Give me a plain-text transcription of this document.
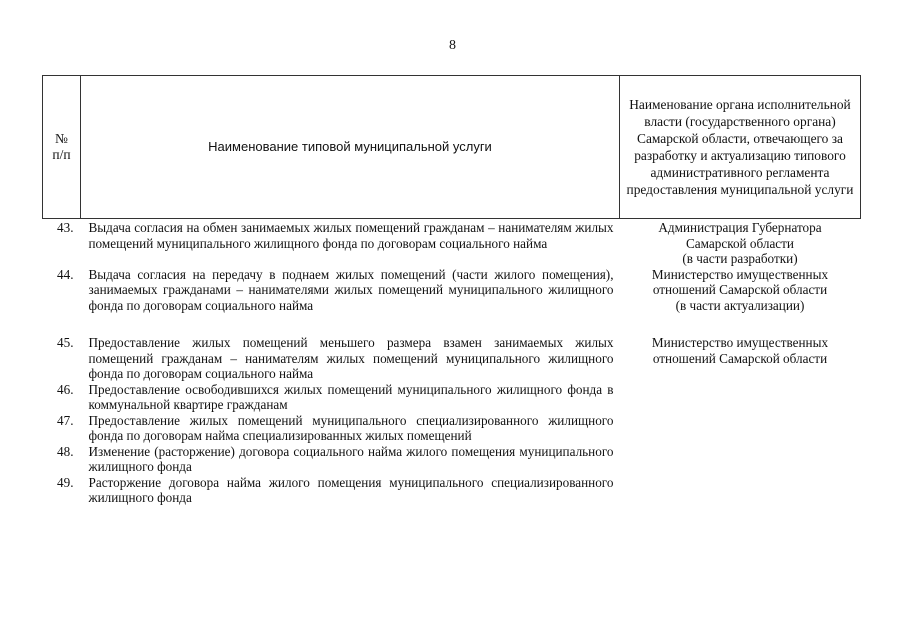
8
№
п/п	Наименование типовой муниципальной услуги	Наименование органа исполнительной власти (государственного органа) Самарской области, отвечающего за разработку и актуализацию типового административного регламента предоставления муниципальной услуги
43.	Выдача согласия на обмен занимаемых жилых помещений гражданам – нанимателям жилых помещений муниципального жилищного фонда по договорам социального найма	Администрация Губернатора
Самарской области
(в части разработки)

44.	Выдача согласия на передачу в поднаем жилых помещений (части жилого помещения), занимаемых гражданами – нанимателями жилых помещений муниципального жилищного фонда по договорам социального найма	Министерство имущественных
отношений Самарской области
(в части актуализации)

45.	Предоставление жилых помещений меньшего размера взамен занимаемых жилых помещений гражданам – нанимателям жилых помещений муниципального жилищного фонда по договорам социального найма	Министерство имущественных
отношений Самарской области

46.	Предоставление освободившихся жилых помещений муниципального жилищного фонда в коммунальной квартире гражданам	
47.	Предоставление жилых помещений муниципального специализированного жилищного фонда по договорам найма специализированных жилых помещений	
48.	Изменение (расторжение) договора социального найма жилого помещения муниципального жилищного фонда	
49.	Расторжение договора найма жилого помещения муниципального специализированного жилищного фонда	
